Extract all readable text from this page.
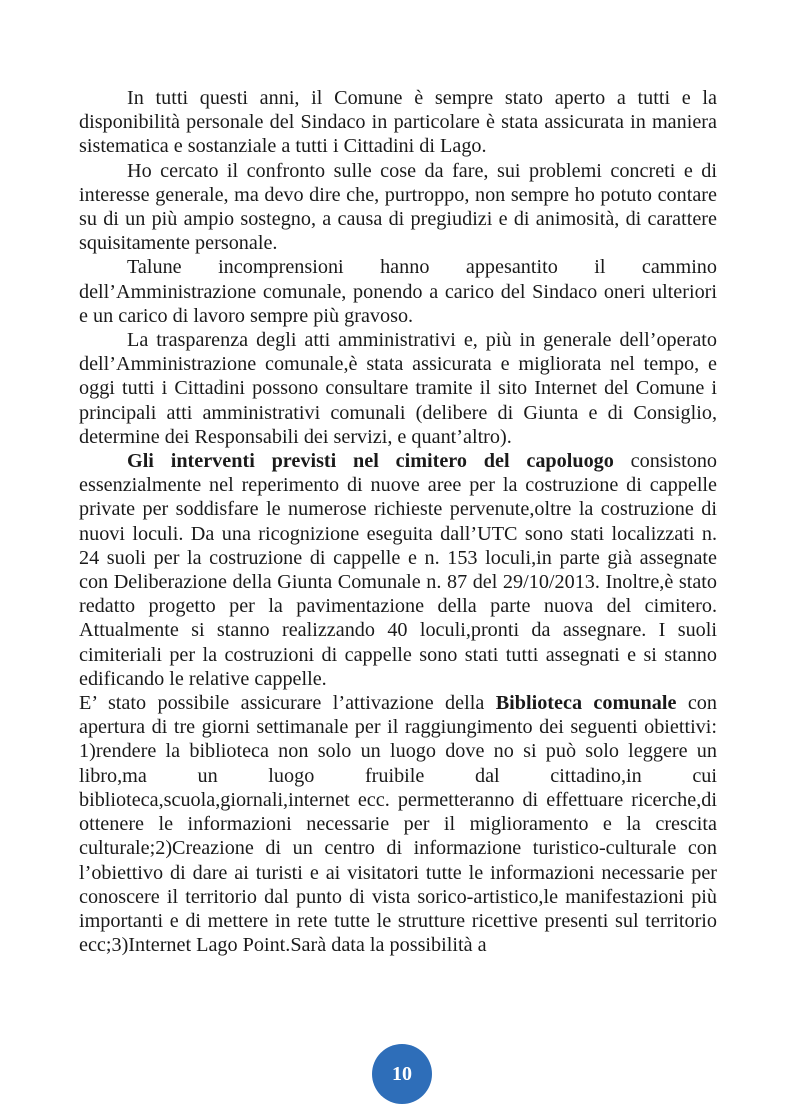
In tutti questi anni, il Comune è sempre stato aperto a tutti e la disponibilità personale del Sindaco in particolare è stata assicurata in maniera sistematica e sostanziale a tutti i Cittadini di Lago.

Ho cercato il confronto sulle cose da fare, sui problemi concreti e di interesse generale, ma devo dire che, purtroppo, non sempre ho potuto contare su di un più ampio sostegno, a causa di pregiudizi e di animosità, di carattere squisitamente personale.

Talune incomprensioni hanno appesantito il cammino dell’Amministrazione comunale, ponendo a carico del Sindaco oneri ulteriori e un carico di lavoro sempre più gravoso.

La trasparenza degli atti amministrativi e, più in generale dell’operato dell’Amministrazione comunale,è stata assicurata e migliorata nel tempo, e oggi tutti i Cittadini possono consultare tramite il sito Internet del Comune i principali atti amministrativi comunali (delibere di Giunta e di Consiglio, determine dei Responsabili dei servizi, e quant’altro).

Gli interventi previsti nel cimitero del capoluogo consistono essenzialmente nel reperimento di nuove aree per la costruzione di cappelle private per soddisfare le numerose richieste pervenute,oltre la costruzione di nuovi loculi. Da una ricognizione eseguita dall’UTC sono stati localizzati n. 24 suoli per la costruzione di cappelle e n. 153 loculi,in parte già assegnate con Deliberazione della Giunta Comunale n. 87 del 29/10/2013. Inoltre,è stato redatto progetto per la pavimentazione della parte nuova del cimitero. Attualmente si stanno realizzando 40 loculi,pronti da assegnare. I suoli cimiteriali per la costruzioni di cappelle sono stati tutti assegnati e si stanno edificando le relative cappelle.

E’ stato possibile assicurare l’attivazione della Biblioteca comunale con apertura di tre giorni settimanale per il raggiungimento dei seguenti obiettivi: 1)rendere la biblioteca non solo un luogo dove no si può solo leggere un libro,ma un luogo fruibile dal cittadino,in cui biblioteca,scuola,giornali,internet ecc. permetteranno di effettuare ricerche,di ottenere le informazioni necessarie per il miglioramento e la crescita culturale;2)Creazione di un centro di informazione turistico-culturale con l’obiettivo di dare ai turisti e ai visitatori tutte le informazioni necessarie per conoscere il territorio dal punto di vista sorico-artistico,le manifestazioni più importanti e di mettere in rete tutte le strutture ricettive presenti sul territorio ecc;3)Internet Lago Point.Sarà data la possibilità a

10
